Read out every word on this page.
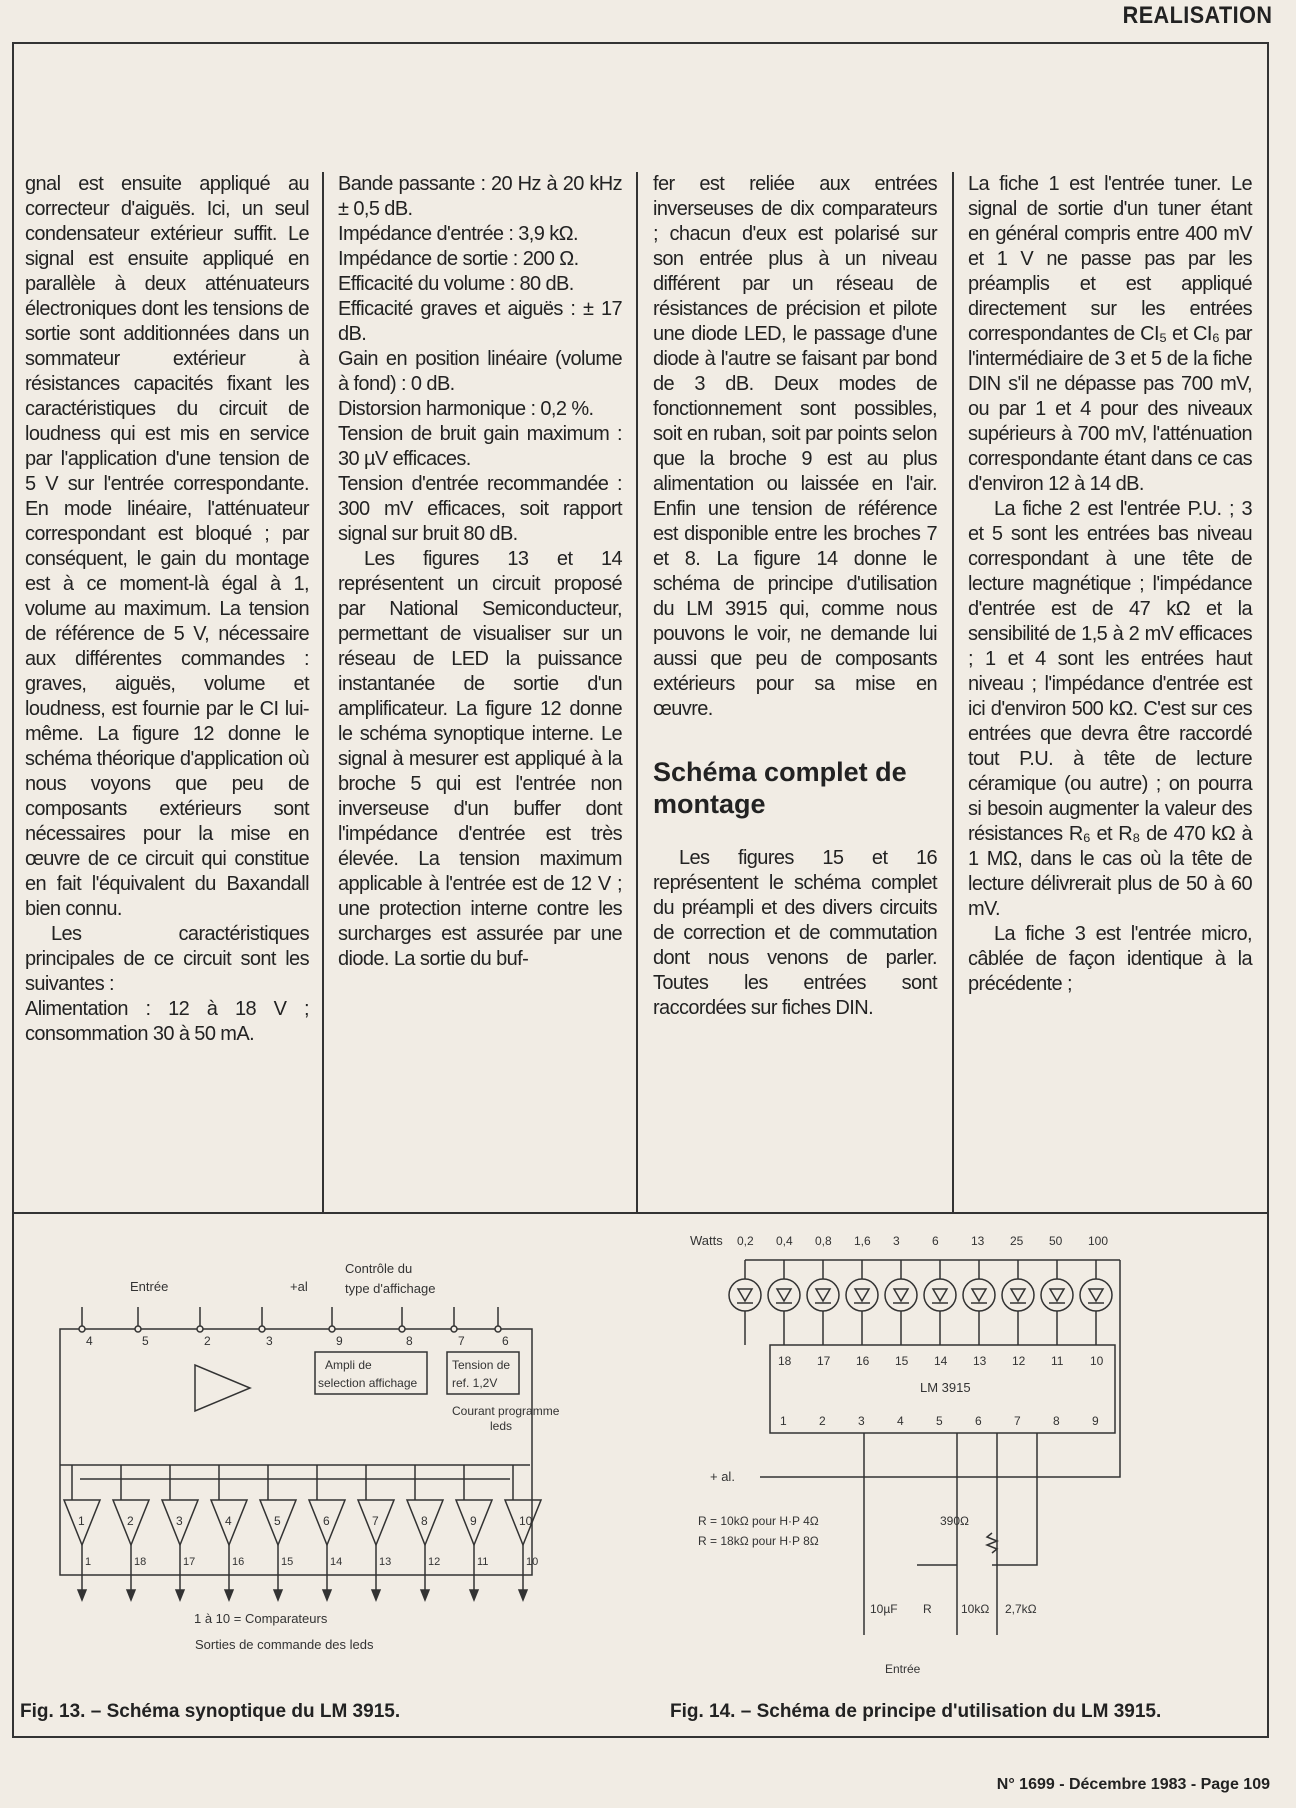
REALISATION

gnal est ensuite appliqué au correcteur d'aiguës. Ici, un seul condensateur extérieur suffit. Le signal est ensuite appliqué en parallèle à deux atténuateurs électroniques dont les tensions de sortie sont additionnées dans un sommateur extérieur à résistances capacités fixant les caractéristiques du circuit de loudness qui est mis en service par l'application d'une tension de 5 V sur l'entrée correspondante. En mode linéaire, l'atténuateur correspondant est bloqué ; par conséquent, le gain du montage est à ce moment-là égal à 1, volume au maximum. La tension de référence de 5 V, nécessaire aux différentes commandes : graves, aiguës, volume et loudness, est fournie par le CI lui-même. La figure 12 donne le schéma théorique d'application où nous voyons que peu de composants extérieurs sont nécessaires pour la mise en œuvre de ce circuit qui constitue en fait l'équivalent du Baxandall bien connu.

Les caractéristiques principales de ce circuit sont les suivantes :

Alimentation : 12 à 18 V ; consommation 30 à 50 mA.

Bande passante : 20 Hz à 20 kHz ± 0,5 dB.

Impédance d'entrée : 3,9 kΩ.

Impédance de sortie : 200 Ω.

Efficacité du volume : 80 dB.

Efficacité graves et aiguës : ± 17 dB.

Gain en position linéaire (volume à fond) : 0 dB.

Distorsion harmonique : 0,2 %.

Tension de bruit gain maximum : 30 µV efficaces.

Tension d'entrée recommandée : 300 mV efficaces, soit rapport signal sur bruit 80 dB.

Les figures 13 et 14 représentent un circuit proposé par National Semiconducteur, permettant de visualiser sur un réseau de LED la puissance instantanée de sortie d'un amplificateur. La figure 12 donne le schéma synoptique interne. Le signal à mesurer est appliqué à la broche 5 qui est l'entrée non inverseuse d'un buffer dont l'impédance d'entrée est très élevée. La tension maximum applicable à l'entrée est de 12 V ; une protection interne contre les surcharges est assurée par une diode. La sortie du buf-

fer est reliée aux entrées inverseuses de dix comparateurs ; chacun d'eux est polarisé sur son entrée plus à un niveau différent par un réseau de résistances de précision et pilote une diode LED, le passage d'une diode à l'autre se faisant par bond de 3 dB. Deux modes de fonctionnement sont possibles, soit en ruban, soit par points selon que la broche 9 est au plus alimentation ou laissée en l'air. Enfin une tension de référence est disponible entre les broches 7 et 8. La figure 14 donne le schéma de principe d'utilisation du LM 3915 qui, comme nous pouvons le voir, ne demande lui aussi que peu de composants extérieurs pour sa mise en œuvre.

Schéma complet de montage

Les figures 15 et 16 représentent le schéma complet du préampli et des divers circuits de correction et de commutation dont nous venons de parler. Toutes les entrées sont raccordées sur fiches DIN.

La fiche 1 est l'entrée tuner. Le signal de sortie d'un tuner étant en général compris entre 400 mV et 1 V ne passe pas par les préamplis et est appliqué directement sur les entrées correspondantes de CI₅ et CI₆ par l'intermédiaire de 3 et 5 de la fiche DIN s'il ne dépasse pas 700 mV, ou par 1 et 4 pour des niveaux supérieurs à 700 mV, l'atténuation correspondante étant dans ce cas d'environ 12 à 14 dB.

La fiche 2 est l'entrée P.U. ; 3 et 5 sont les entrées bas niveau correspondant à une tête de lecture magnétique ; l'impédance d'entrée est de 47 kΩ et la sensibilité de 1,5 à 2 mV efficaces ; 1 et 4 sont les entrées haut niveau ; l'impédance d'entrée est ici d'environ 500 kΩ. C'est sur ces entrées que devra être raccordé tout P.U. à tête de lecture céramique (ou autre) ; on pourra si besoin augmenter la valeur des résistances R₆ et R₈ de 470 kΩ à 1 MΩ, dans le cas où la tête de lecture délivrerait plus de 50 à 60 mV.

La fiche 3 est l'entrée micro, câblée de façon identique à la précédente ;

Entrée	+al
Contrôle du
type d'affichage
4	5	2	3	9	8	7	6
Ampli de
selection affichage
Tension de
ref. 1,2V
Courant programme
leds
1
1
2
18
3
17
4
16
5
15
6
14
7
13
8
12
9
11
10
10
1 à 10 = Comparateurs
Sorties de commande des leds
Watts 0,2 0,4 0,8 1,6 3	6	13 25 50 100
18 17 16 15 14 13 12 11 10
1	2	3	4	5	6	7	8	9
LM 3915
+ al.
R = 10kΩ pour H·P 4Ω
R = 18kΩ pour H·P 8Ω
390Ω
10µF R 10kΩ 2,7kΩ
Entrée
Fig. 13. – Schéma synoptique du LM 3915.	Fig. 14. – Schéma de principe d'utilisation du LM 3915.
N° 1699 - Décembre 1983 - Page 109
